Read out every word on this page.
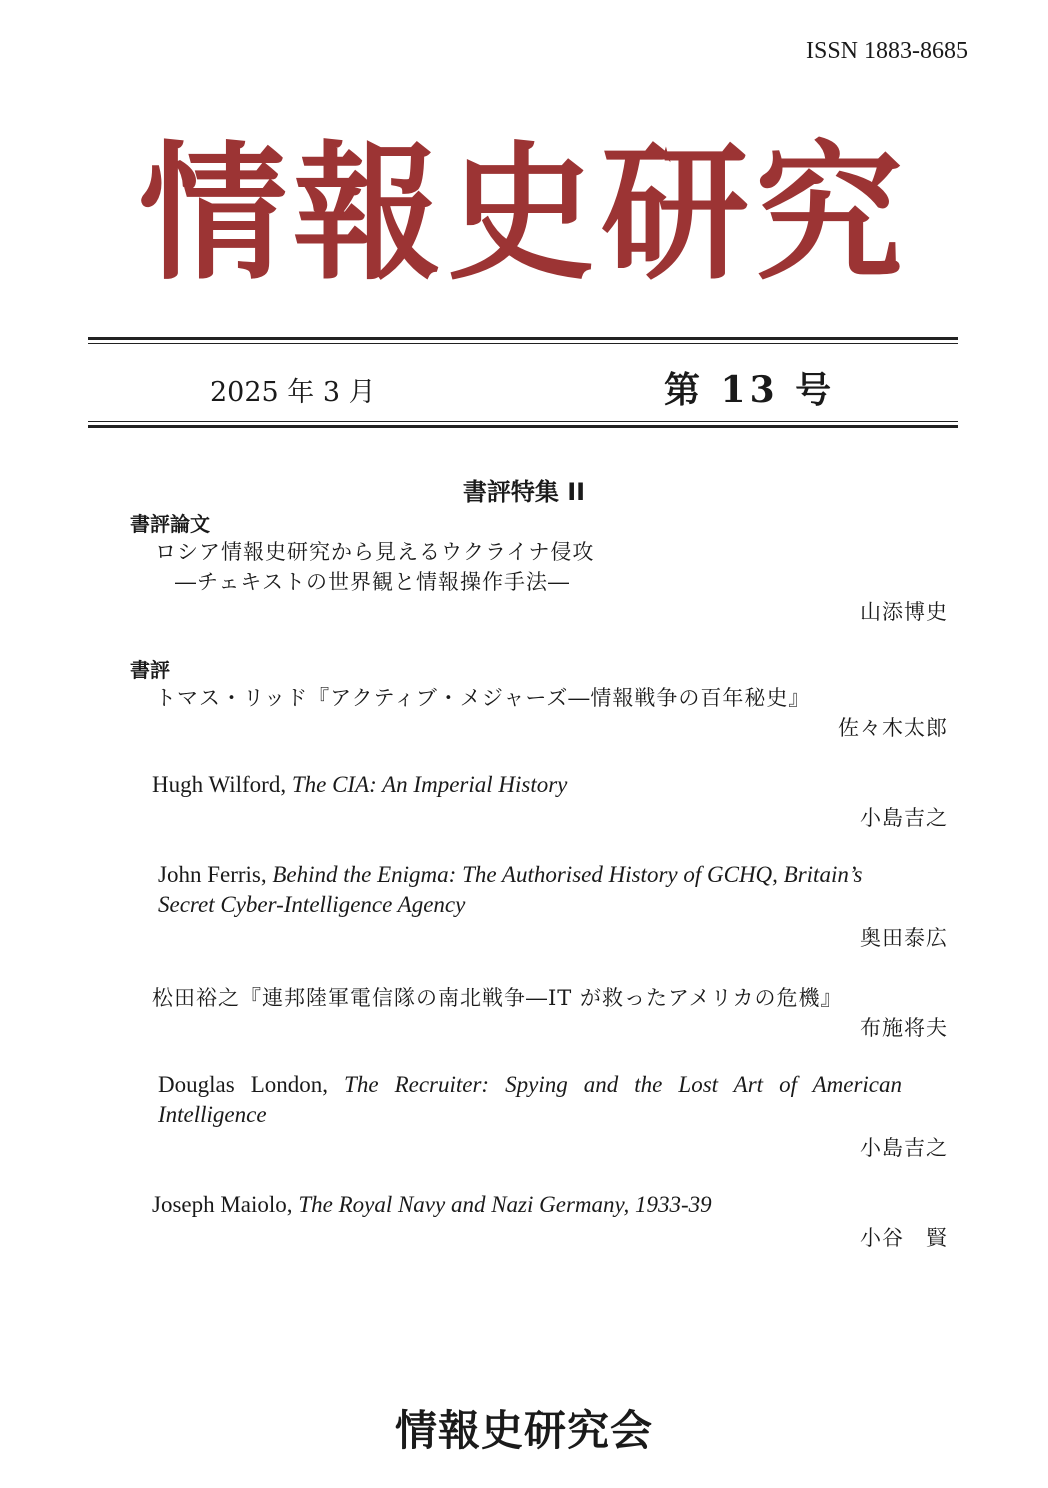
ISSN 1883-8685
情報史研究
2025 年 3 月	第 13 号
書評特集 II
書評論文
ロシア情報史研究から見えるウクライナ侵攻
―チェキストの世界観と情報操作手法―
山添博史
書評
トマス・リッド『アクティブ・メジャーズ―情報戦争の百年秘史』
佐々木太郎
Hugh Wilford, The CIA: An Imperial History
小島吉之
John Ferris, Behind the Enigma: The Authorised History of GCHQ, Britain’s Secret Cyber-Intelligence Agency
奥田泰広
松田裕之『連邦陸軍電信隊の南北戦争―IT が救ったアメリカの危機』
布施将夫
Douglas London, The Recruiter: Spying and the Lost Art of American Intelligence
小島吉之
Joseph Maiolo, The Royal Navy and Nazi Germany, 1933-39
小谷　賢
情報史研究会
